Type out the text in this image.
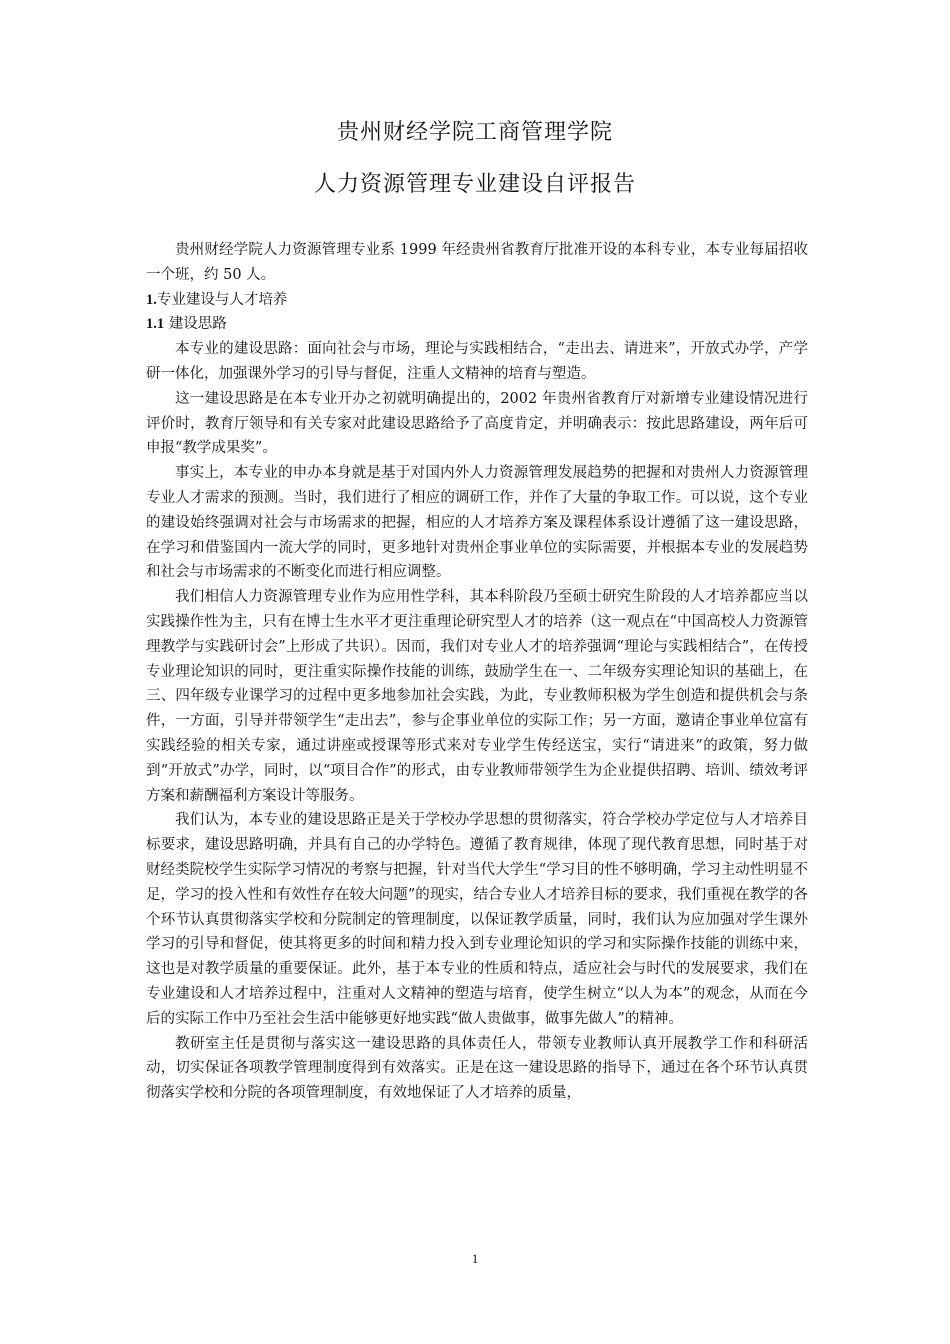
贵州财经学院工商管理学院
人力资源管理专业建设自评报告

贵州财经学院人力资源管理专业系 1999 年经贵州省教育厅批准开设的本科专业，本专业每届招收一个班，约 50 人。

1.专业建设与人才培养

1.1 建设思路

本专业的建设思路：面向社会与市场，理论与实践相结合，“走出去、请进来”，开放式办学，产学研一体化，加强课外学习的引导与督促，注重人文精神的培育与塑造。

这一建设思路是在本专业开办之初就明确提出的，2002 年贵州省教育厅对新增专业建设情况进行评价时，教育厅领导和有关专家对此建设思路给予了高度肯定，并明确表示：按此思路建设，两年后可申报“教学成果奖”。

事实上，本专业的申办本身就是基于对国内外人力资源管理发展趋势的把握和对贵州人力资源管理专业人才需求的预测。当时，我们进行了相应的调研工作，并作了大量的争取工作。可以说，这个专业的建设始终强调对社会与市场需求的把握，相应的人才培养方案及课程体系设计遵循了这一建设思路，在学习和借鉴国内一流大学的同时，更多地针对贵州企事业单位的实际需要，并根据本专业的发展趋势和社会与市场需求的不断变化而进行相应调整。

我们相信人力资源管理专业作为应用性学科，其本科阶段乃至硕士研究生阶段的人才培养都应当以实践操作性为主，只有在博士生水平才更注重理论研究型人才的培养（这一观点在“中国高校人力资源管理教学与实践研讨会”上形成了共识）。因而，我们对专业人才的培养强调“理论与实践相结合”，在传授专业理论知识的同时，更注重实际操作技能的训练，鼓励学生在一、二年级夯实理论知识的基础上，在三、四年级专业课学习的过程中更多地参加社会实践，为此，专业教师积极为学生创造和提供机会与条件，一方面，引导并带领学生“走出去”，参与企事业单位的实际工作；另一方面，邀请企事业单位富有实践经验的相关专家，通过讲座或授课等形式来对专业学生传经送宝，实行“请进来”的政策，努力做到“开放式”办学，同时，以“项目合作”的形式，由专业教师带领学生为企业提供招聘、培训、绩效考评方案和薪酬福利方案设计等服务。

我们认为，本专业的建设思路正是关于学校办学思想的贯彻落实，符合学校办学定位与人才培养目标要求，建设思路明确，并具有自己的办学特色。遵循了教育规律，体现了现代教育思想，同时基于对财经类院校学生实际学习情况的考察与把握，针对当代大学生“学习目的性不够明确，学习主动性明显不足，学习的投入性和有效性存在较大问题”的现实，结合专业人才培养目标的要求，我们重视在教学的各个环节认真贯彻落实学校和分院制定的管理制度，以保证教学质量，同时，我们认为应加强对学生课外学习的引导和督促，使其将更多的时间和精力投入到专业理论知识的学习和实际操作技能的训练中来，这也是对教学质量的重要保证。此外，基于本专业的性质和特点，适应社会与时代的发展要求，我们在专业建设和人才培养过程中，注重对人文精神的塑造与培育，使学生树立“以人为本”的观念，从而在今后的实际工作中乃至社会生活中能够更好地实践“做人贵做事，做事先做人”的精神。

教研室主任是贯彻与落实这一建设思路的具体责任人，带领专业教师认真开展教学工作和科研活动，切实保证各项教学管理制度得到有效落实。正是在这一建设思路的指导下，通过在各个环节认真贯彻落实学校和分院的各项管理制度，有效地保证了人才培养的质量，

1
